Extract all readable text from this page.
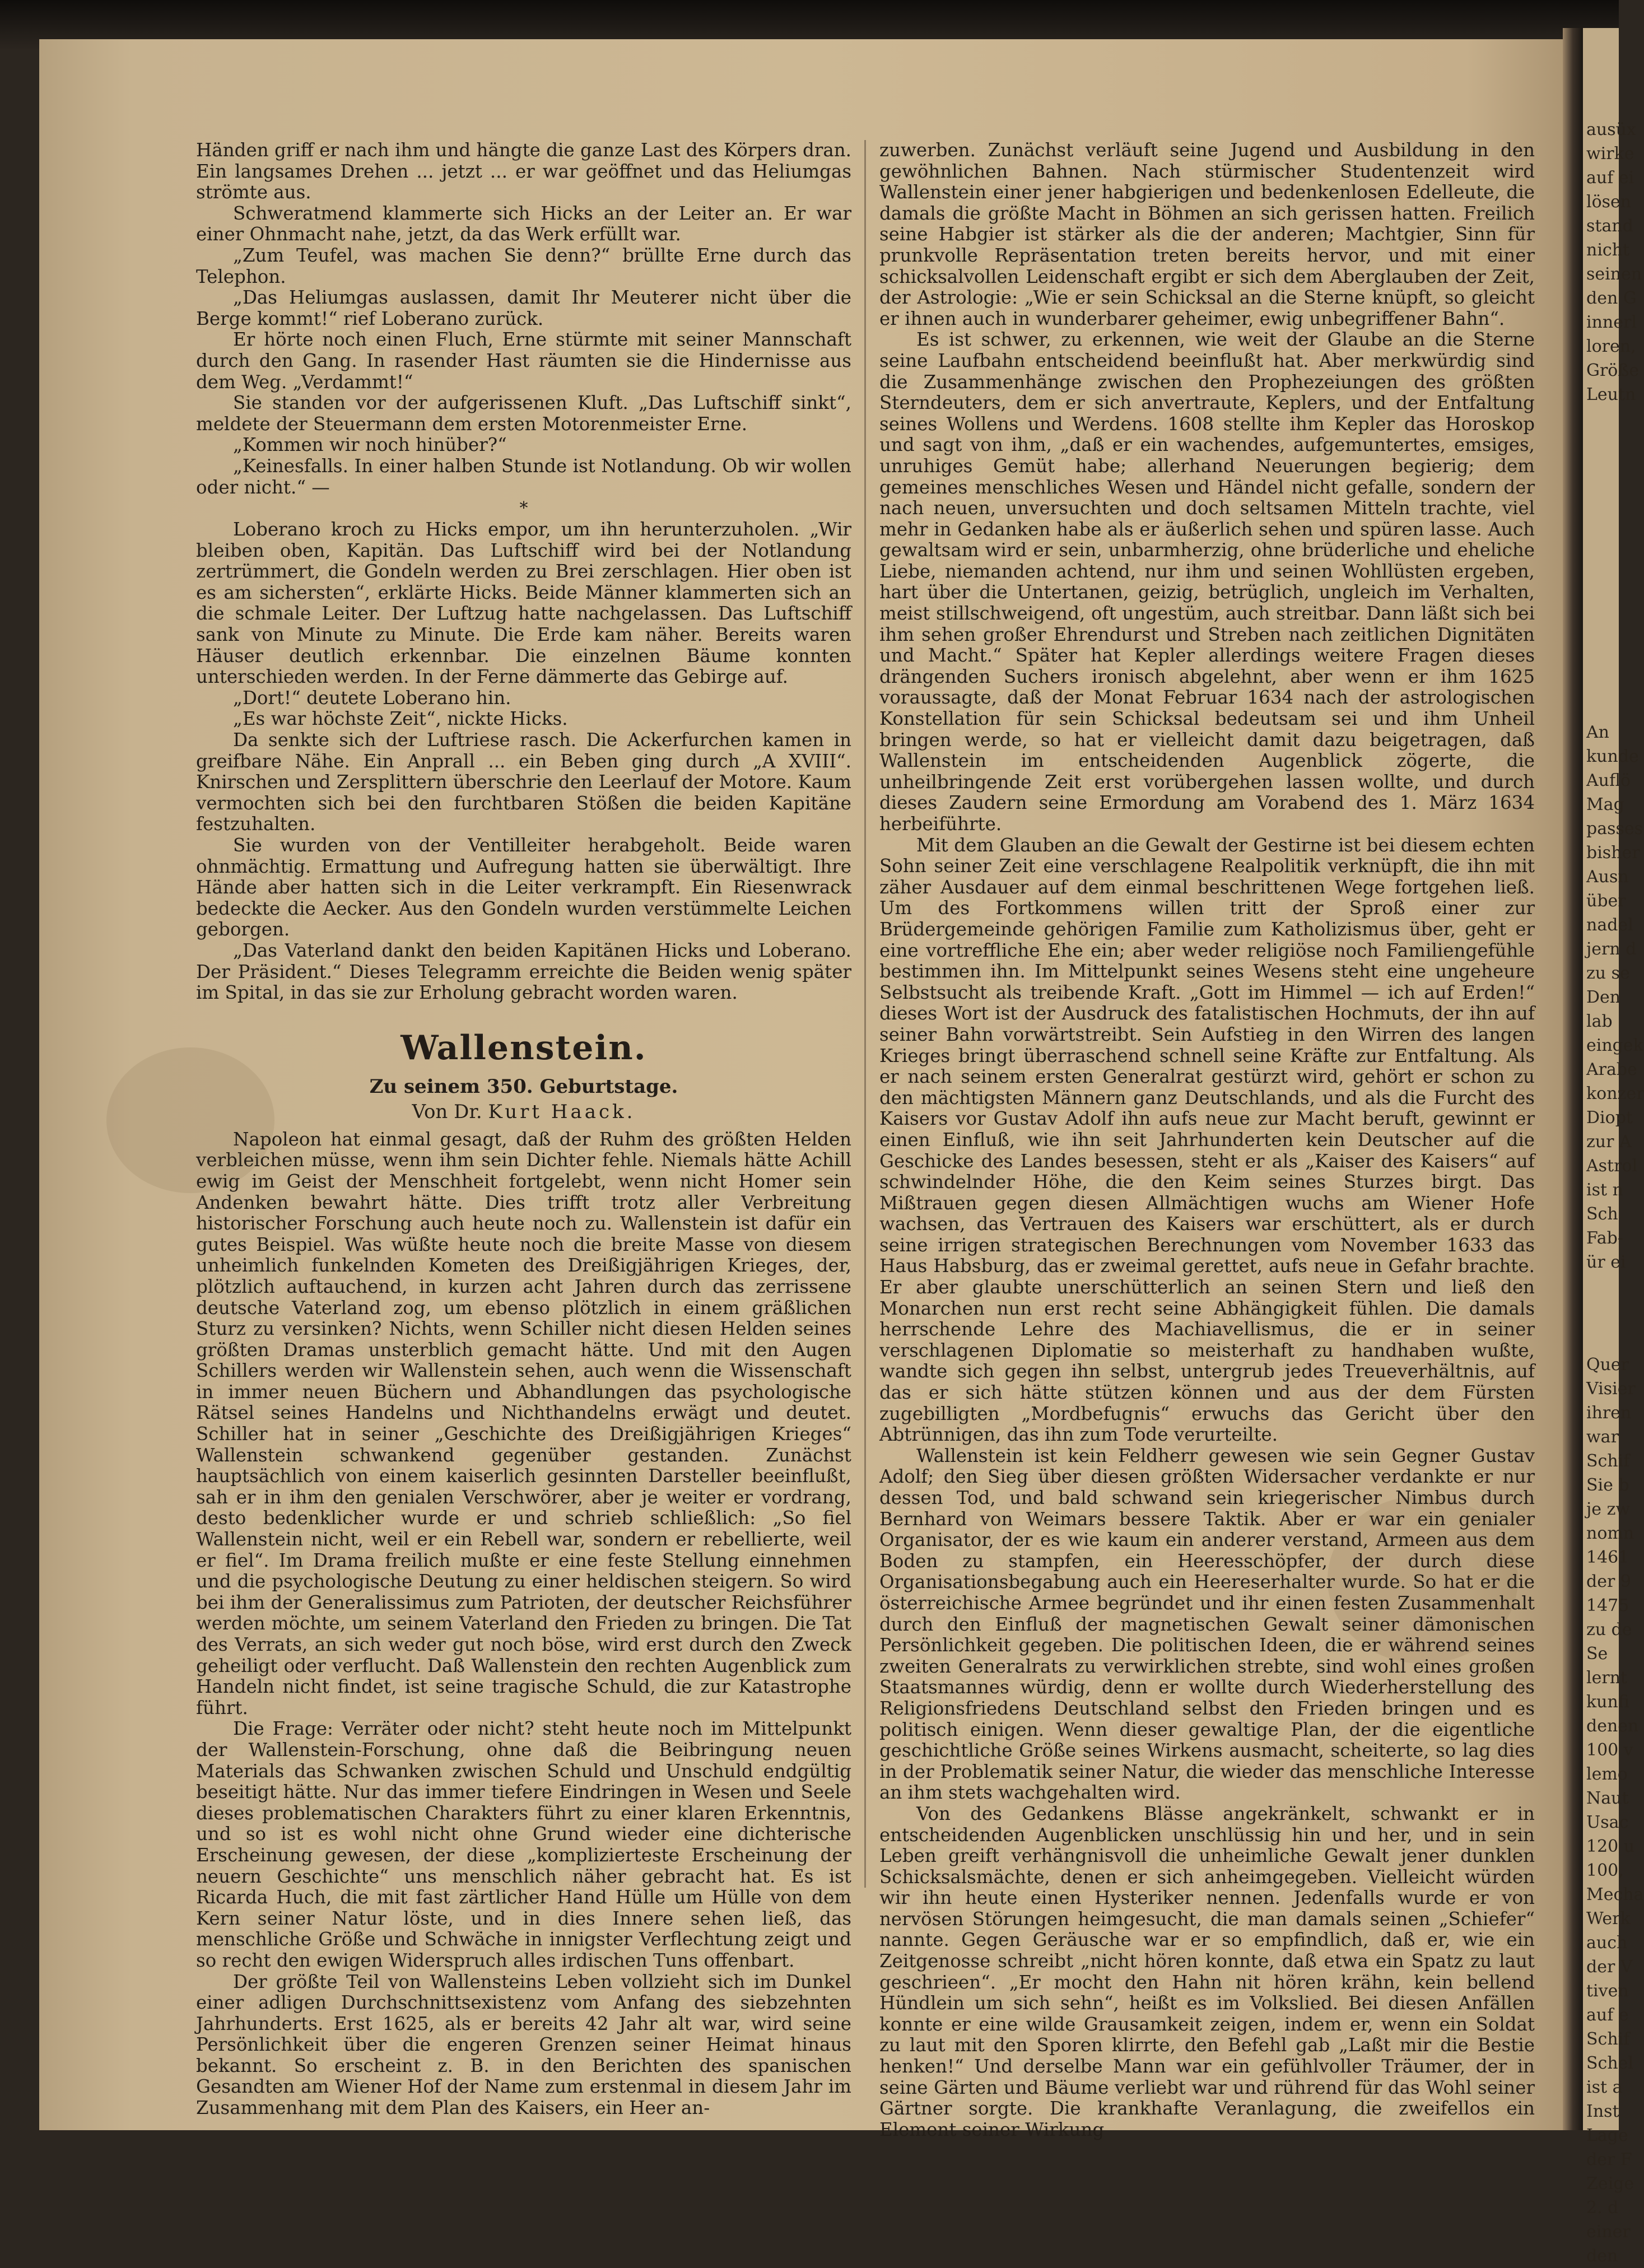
ausüx
wirke
auf ei
lösen
stand
nicht
seinen
den G
innerl
loren,
Größe
Leutn
An
kunde
Auflö
Mag
passes
bisher
Ausn
über
nadel
jern d
zu se
Den
lab
eingek
Arabe
konzer
Diopt
zur A
Astrol
ist n
Sch
Fab-
ür ei
Quer
Visier
ihren
war
Schif
Sie b
je zw
nomn
1461
der 9
1475
zu de
Se
lernt
kunfi
denen
100 v
lemo
Naut
Usac
120 u
100,
Mecha
Werk
auch
der V
tiven
auf e
Schif
Schel
ist a
Inst
Lage
der F
Zeige
2. d
einer
den

Händen griff er nach ihm und hängte die ganze Last des Körpers dran. Ein langsames Drehen ... jetzt ... er war geöffnet und das Heliumgas strömte aus.

Schweratmend klammerte sich Hicks an der Leiter an. Er war einer Ohnmacht nahe, jetzt, da das Werk erfüllt war.

„Zum Teufel, was machen Sie denn?“ brüllte Erne durch das Telephon.

„Das Heliumgas auslassen, damit Ihr Meuterer nicht über die Berge kommt!“ rief Loberano zurück.

Er hörte noch einen Fluch, Erne stürmte mit seiner Mannschaft durch den Gang. In rasender Hast räumten sie die Hindernisse aus dem Weg. „Verdammt!“

Sie standen vor der aufgerissenen Kluft. „Das Luftschiff sinkt“, meldete der Steuermann dem ersten Motorenmeister Erne.

„Kommen wir noch hinüber?“

„Keinesfalls. In einer halben Stunde ist Notlandung. Ob wir wollen oder nicht.“ —

*

Loberano kroch zu Hicks empor, um ihn herunterzuholen. „Wir bleiben oben, Kapitän. Das Luftschiff wird bei der Notlandung zertrümmert, die Gondeln werden zu Brei zerschlagen. Hier oben ist es am sichersten“, erklärte Hicks. Beide Männer klammerten sich an die schmale Leiter. Der Luftzug hatte nachgelassen. Das Luftschiff sank von Minute zu Minute. Die Erde kam näher. Bereits waren Häuser deutlich erkennbar. Die einzelnen Bäume konnten unterschieden werden. In der Ferne dämmerte das Gebirge auf.

„Dort!“ deutete Loberano hin.

„Es war höchste Zeit“, nickte Hicks.

Da senkte sich der Luftriese rasch. Die Ackerfurchen kamen in greifbare Nähe. Ein Anprall ... ein Beben ging durch „A XVIII“. Knirschen und Zersplittern überschrie den Leerlauf der Motore. Kaum vermochten sich bei den furchtbaren Stößen die beiden Kapitäne festzuhalten.

Sie wurden von der Ventilleiter herabgeholt. Beide waren ohnmächtig. Ermattung und Aufregung hatten sie überwältigt. Ihre Hände aber hatten sich in die Leiter verkrampft. Ein Riesenwrack bedeckte die Aecker. Aus den Gondeln wurden verstümmelte Leichen geborgen.

„Das Vaterland dankt den beiden Kapitänen Hicks und Loberano. Der Präsident.“ Dieses Telegramm erreichte die Beiden wenig später im Spital, in das sie zur Erholung gebracht worden waren.

Wallenstein.
Zu seinem 350. Geburtstage.
Von Dr. Kurt Haack.

Napoleon hat einmal gesagt, daß der Ruhm des größten Helden verbleichen müsse, wenn ihm sein Dichter fehle. Niemals hätte Achill ewig im Geist der Menschheit fortgelebt, wenn nicht Homer sein Andenken bewahrt hätte. Dies trifft trotz aller Verbreitung historischer Forschung auch heute noch zu. Wallenstein ist dafür ein gutes Beispiel. Was wüßte heute noch die breite Masse von diesem unheimlich funkelnden Kometen des Dreißigjährigen Krieges, der, plötzlich auftauchend, in kurzen acht Jahren durch das zerrissene deutsche Vaterland zog, um ebenso plötzlich in einem gräßlichen Sturz zu versinken? Nichts, wenn Schiller nicht diesen Helden seines größten Dramas unsterblich gemacht hätte. Und mit den Augen Schillers werden wir Wallenstein sehen, auch wenn die Wissenschaft in immer neuen Büchern und Abhandlungen das psychologische Rätsel seines Handelns und Nichthandelns erwägt und deutet. Schiller hat in seiner „Geschichte des Dreißigjährigen Krieges“ Wallenstein schwankend gegenüber gestanden. Zunächst hauptsächlich von einem kaiserlich gesinnten Darsteller beeinflußt, sah er in ihm den genialen Verschwörer, aber je weiter er vordrang, desto bedenklicher wurde er und schrieb schließlich: „So fiel Wallenstein nicht, weil er ein Rebell war, sondern er rebellierte, weil er fiel“. Im Drama freilich mußte er eine feste Stellung einnehmen und die psychologische Deutung zu einer heldischen steigern. So wird bei ihm der Generalissimus zum Patrioten, der deutscher Reichsführer werden möchte, um seinem Vaterland den Frieden zu bringen. Die Tat des Verrats, an sich weder gut noch böse, wird erst durch den Zweck geheiligt oder verflucht. Daß Wallenstein den rechten Augenblick zum Handeln nicht findet, ist seine tragische Schuld, die zur Katastrophe führt.

Die Frage: Verräter oder nicht? steht heute noch im Mittelpunkt der Wallenstein-Forschung, ohne daß die Beibringung neuen Materials das Schwanken zwischen Schuld und Unschuld endgültig beseitigt hätte. Nur das immer tiefere Eindringen in Wesen und Seele dieses problematischen Charakters führt zu einer klaren Erkenntnis, und so ist es wohl nicht ohne Grund wieder eine dichterische Erscheinung gewesen, der diese „komplizierteste Erscheinung der neuern Geschichte“ uns menschlich näher gebracht hat. Es ist Ricarda Huch, die mit fast zärtlicher Hand Hülle um Hülle von dem Kern seiner Natur löste, und in dies Innere sehen ließ, das menschliche Größe und Schwäche in innigster Verflechtung zeigt und so recht den ewigen Widerspruch alles irdischen Tuns offenbart.

Der größte Teil von Wallensteins Leben vollzieht sich im Dunkel einer adligen Durchschnittsexistenz vom Anfang des siebzehnten Jahrhunderts. Erst 1625, als er bereits 42 Jahr alt war, wird seine Persönlichkeit über die engeren Grenzen seiner Heimat hinaus bekannt. So erscheint z. B. in den Berichten des spanischen Gesandten am Wiener Hof der Name zum erstenmal in diesem Jahr im Zusammenhang mit dem Plan des Kaisers, ein Heer an-

zuwerben. Zunächst verläuft seine Jugend und Ausbildung in den gewöhnlichen Bahnen. Nach stürmischer Studentenzeit wird Wallenstein einer jener habgierigen und bedenkenlosen Edelleute, die damals die größte Macht in Böhmen an sich gerissen hatten. Freilich seine Habgier ist stärker als die der anderen; Machtgier, Sinn für prunkvolle Repräsentation treten bereits hervor, und mit einer schicksalvollen Leidenschaft ergibt er sich dem Aberglauben der Zeit, der Astrologie: „Wie er sein Schicksal an die Sterne knüpft, so gleicht er ihnen auch in wunderbarer geheimer, ewig unbegriffener Bahn“.

Es ist schwer, zu erkennen, wie weit der Glaube an die Sterne seine Laufbahn entscheidend beeinflußt hat. Aber merkwürdig sind die Zusammenhänge zwischen den Prophezeiungen des größten Sterndeuters, dem er sich anvertraute, Keplers, und der Entfaltung seines Wollens und Werdens. 1608 stellte ihm Kepler das Horoskop und sagt von ihm, „daß er ein wachendes, aufgemuntertes, emsiges, unruhiges Gemüt habe; allerhand Neuerungen begierig; dem gemeines menschliches Wesen und Händel nicht gefalle, sondern der nach neuen, unversuchten und doch seltsamen Mitteln trachte, viel mehr in Gedanken habe als er äußerlich sehen und spüren lasse. Auch gewaltsam wird er sein, unbarmherzig, ohne brüderliche und eheliche Liebe, niemanden achtend, nur ihm und seinen Wohllüsten ergeben, hart über die Untertanen, geizig, betrüglich, ungleich im Verhalten, meist stillschweigend, oft ungestüm, auch streitbar. Dann läßt sich bei ihm sehen großer Ehrendurst und Streben nach zeitlichen Dignitäten und Macht.“ Später hat Kepler allerdings weitere Fragen dieses drängenden Suchers ironisch abgelehnt, aber wenn er ihm 1625 voraussagte, daß der Monat Februar 1634 nach der astrologischen Konstellation für sein Schicksal bedeutsam sei und ihm Unheil bringen werde, so hat er vielleicht damit dazu beigetragen, daß Wallenstein im entscheidenden Augenblick zögerte, die unheilbringende Zeit erst vorübergehen lassen wollte, und durch dieses Zaudern seine Ermordung am Vorabend des 1. März 1634 herbeiführte.

Mit dem Glauben an die Gewalt der Gestirne ist bei diesem echten Sohn seiner Zeit eine verschlagene Realpolitik verknüpft, die ihn mit zäher Ausdauer auf dem einmal beschrittenen Wege fortgehen ließ. Um des Fortkommens willen tritt der Sproß einer zur Brüdergemeinde gehörigen Familie zum Katholizismus über, geht er eine vortreffliche Ehe ein; aber weder religiöse noch Familiengefühle bestimmen ihn. Im Mittelpunkt seines Wesens steht eine ungeheure Selbstsucht als treibende Kraft. „Gott im Himmel — ich auf Erden!“ dieses Wort ist der Ausdruck des fatalistischen Hochmuts, der ihn auf seiner Bahn vorwärtstreibt. Sein Aufstieg in den Wirren des langen Krieges bringt überraschend schnell seine Kräfte zur Entfaltung. Als er nach seinem ersten Generalrat gestürzt wird, gehört er schon zu den mächtigsten Männern ganz Deutschlands, und als die Furcht des Kaisers vor Gustav Adolf ihn aufs neue zur Macht beruft, gewinnt er einen Einfluß, wie ihn seit Jahrhunderten kein Deutscher auf die Geschicke des Landes besessen, steht er als „Kaiser des Kaisers“ auf schwindelnder Höhe, die den Keim seines Sturzes birgt. Das Mißtrauen gegen diesen Allmächtigen wuchs am Wiener Hofe wachsen, das Vertrauen des Kaisers war erschüttert, als er durch seine irrigen strategischen Berechnungen vom November 1633 das Haus Habsburg, das er zweimal gerettet, aufs neue in Gefahr brachte. Er aber glaubte unerschütterlich an seinen Stern und ließ den Monarchen nun erst recht seine Abhängigkeit fühlen. Die damals herrschende Lehre des Machiavellismus, die er in seiner verschlagenen Diplomatie so meisterhaft zu handhaben wußte, wandte sich gegen ihn selbst, untergrub jedes Treueverhältnis, auf das er sich hätte stützen können und aus der dem Fürsten zugebilligten „Mordbefugnis“ erwuchs das Gericht über den Abtrünnigen, das ihn zum Tode verurteilte.

Wallenstein ist kein Feldherr gewesen wie sein Gegner Gustav Adolf; den Sieg über diesen größten Widersacher verdankte er nur dessen Tod, und bald schwand sein kriegerischer Nimbus durch Bernhard von Weimars bessere Taktik. Aber er war ein genialer Organisator, der es wie kaum ein anderer verstand, Armeen aus dem Boden zu stampfen, ein Heeresschöpfer, der durch diese Organisationsbegabung auch ein Heereserhalter wurde. So hat er die österreichische Armee begründet und ihr einen festen Zusammenhalt durch den Einfluß der magnetischen Gewalt seiner dämonischen Persönlichkeit gegeben. Die politischen Ideen, die er während seines zweiten Generalrats zu verwirklichen strebte, sind wohl eines großen Staatsmannes würdig, denn er wollte durch Wiederherstellung des Religionsfriedens Deutschland selbst den Frieden bringen und es politisch einigen. Wenn dieser gewaltige Plan, der die eigentliche geschichtliche Größe seines Wirkens ausmacht, scheiterte, so lag dies in der Problematik seiner Natur, die wieder das menschliche Interesse an ihm stets wachgehalten wird.

Von des Gedankens Blässe angekränkelt, schwankt er in entscheidenden Augenblicken unschlüssig hin und her, und in sein Leben greift verhängnisvoll die unheimliche Gewalt jener dunklen Schicksalsmächte, denen er sich anheimgegeben. Vielleicht würden wir ihn heute einen Hysteriker nennen. Jedenfalls wurde er von nervösen Störungen heimgesucht, die man damals seinen „Schiefer“ nannte. Gegen Geräusche war er so empfindlich, daß er, wie ein Zeitgenosse schreibt „nicht hören konnte, daß etwa ein Spatz zu laut geschrieen“. „Er mocht den Hahn nit hören krähn, kein bellend Hündlein um sich sehn“, heißt es im Volkslied. Bei diesen Anfällen konnte er eine wilde Grausamkeit zeigen, indem er, wenn ein Soldat zu laut mit den Sporen klirrte, den Befehl gab „Laßt mir die Bestie henken!“ Und derselbe Mann war ein gefühlvoller Träumer, der in seine Gärten und Bäume verliebt war und rührend für das Wohl seiner Gärtner sorgte. Die krankhafte Veranlagung, die zweifellos ein Element seiner Wirkung
